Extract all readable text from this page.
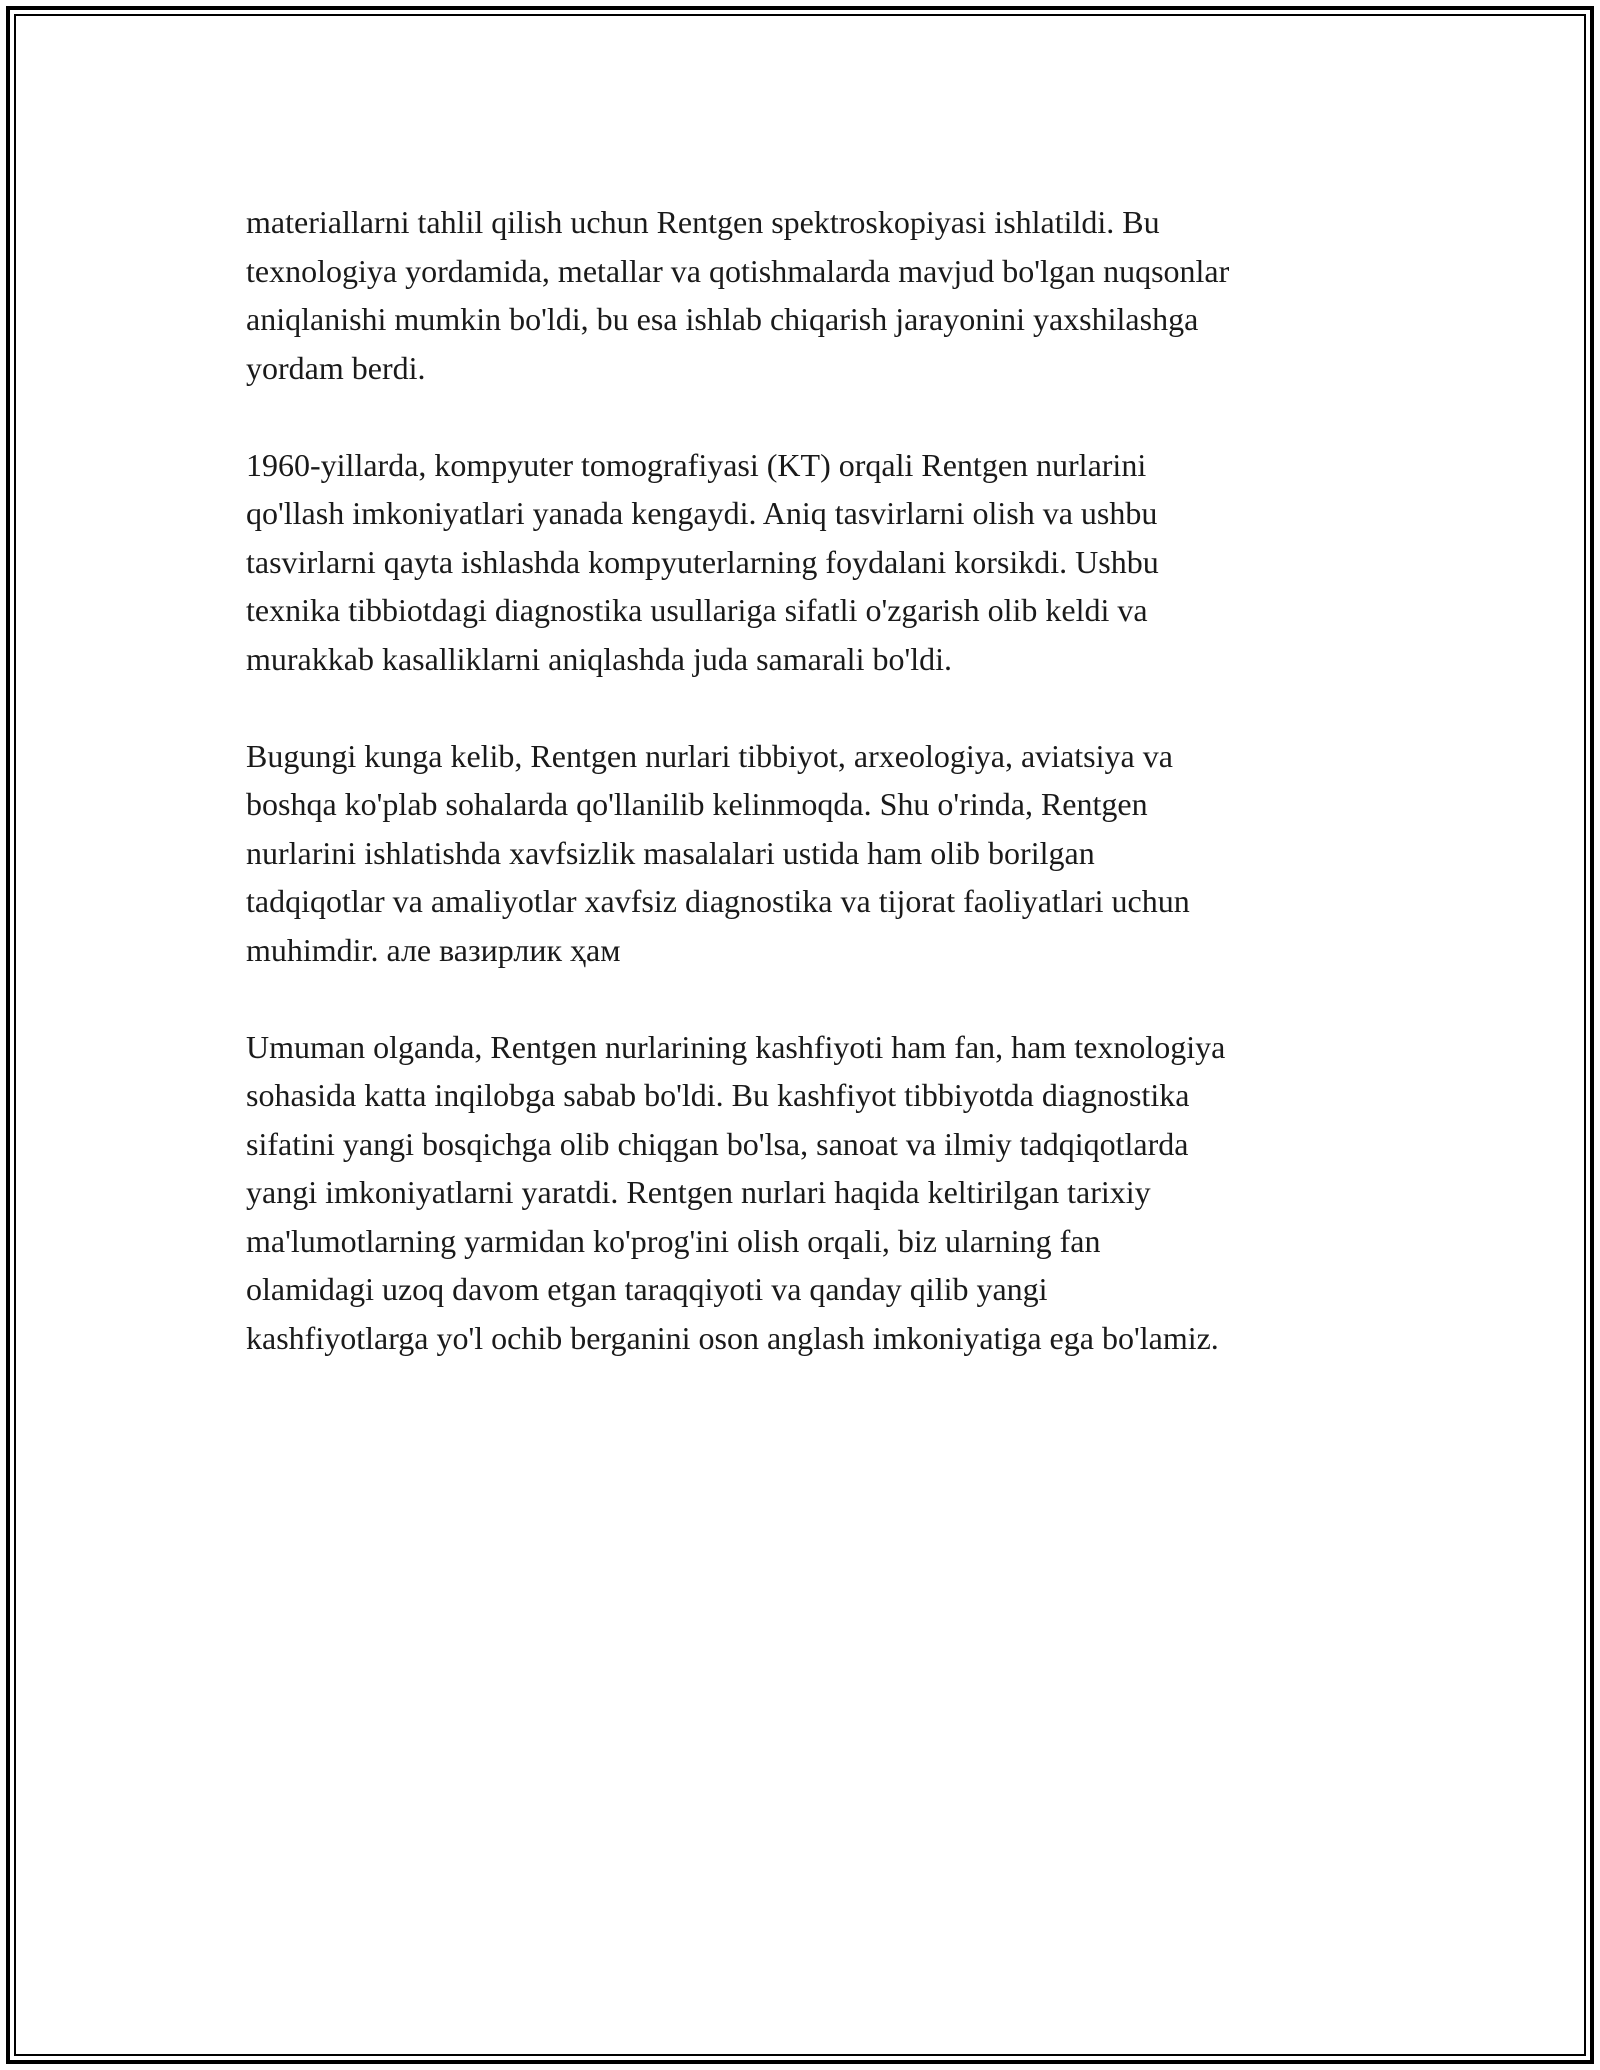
materiallarni tahlil qilish uchun Rentgen spektroskopiyasi ishlatildi. Bu
texnologiya yordamida, metallar va qotishmalarda mavjud bo'lgan nuqsonlar
aniqlanishi mumkin bo'ldi, bu esa ishlab chiqarish jarayonini yaxshilashga
yordam berdi.

1960-yillarda, kompyuter tomografiyasi (KT) orqali Rentgen nurlarini
qo'llash imkoniyatlari yanada kengaydi. Aniq tasvirlarni olish va ushbu
tasvirlarni qayta ishlashda kompyuterlarning foydalani korsikdi. Ushbu
texnika tibbiotdagi diagnostika usullariga sifatli o'zgarish olib keldi va
murakkab kasalliklarni aniqlashda juda samarali bo'ldi.

Bugungi kunga kelib, Rentgen nurlari tibbiyot, arxeologiya, aviatsiya va
boshqa ko'plab sohalarda qo'llanilib kelinmoqda. Shu o'rinda, Rentgen
nurlarini ishlatishda xavfsizlik masalalari ustida ham olib borilgan
tadqiqotlar va amaliyotlar xavfsiz diagnostika va tijorat faoliyatlari uchun
muhimdir. але вазирлик ҳам

Umuman olganda, Rentgen nurlarining kashfiyoti ham fan, ham texnologiya
sohasida katta inqilobga sabab bo'ldi. Bu kashfiyot tibbiyotda diagnostika
sifatini yangi bosqichga olib chiqgan bo'lsa, sanoat va ilmiy tadqiqotlarda
yangi imkoniyatlarni yaratdi. Rentgen nurlari haqida keltirilgan tarixiy
ma'lumotlarning yarmidan ko'prog'ini olish orqali, biz ularning fan
olamidagi uzoq davom etgan taraqqiyoti va qanday qilib yangi
kashfiyotlarga yo'l ochib berganini oson anglash imkoniyatiga ega bo'lamiz.
